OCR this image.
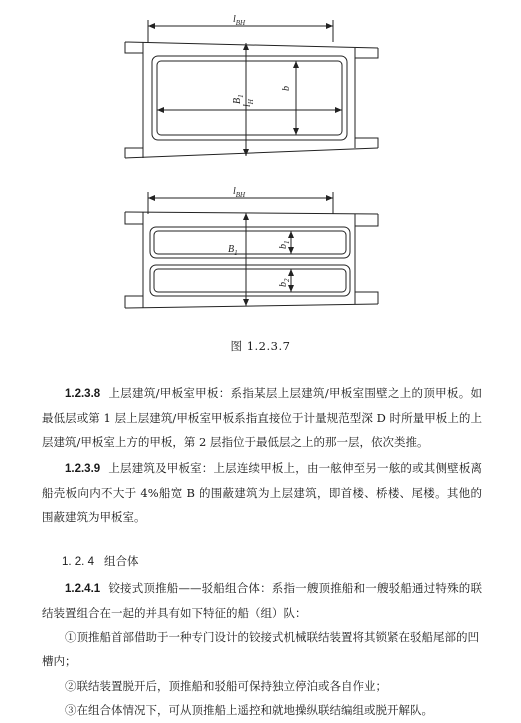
$l_{BH}$
$B_1$
$l_H$
b
$l_{BH}$
$B_1$
$b_1$
$b_2$
图 1.2.3.7

1.2.3.8 上层建筑/甲板室甲板：系指某层上层建筑/甲板室围壁之上的顶甲板。如最低层或第 1 层上层建筑/甲板室甲板系指直接位于计量规范型深 D 时所量甲板上的上层建筑/甲板室上方的甲板，第 2 层指位于最低层之上的那一层，依次类推。

1.2.3.9 上层建筑及甲板室：上层连续甲板上，由一舷伸至另一舷的或其侧壁板离船壳板向内不大于 4%船宽 B 的围蔽建筑为上层建筑，即首楼、桥楼、尾楼。其他的围蔽建筑为甲板室。

1. 2. 4 组合体

1.2.4.1 铰接式顶推船——驳船组合体：系指一艘顶推船和一艘驳船通过特殊的联结装置组合在一起的并具有如下特征的船（组）队：

①顶推船首部借助于一种专门设计的铰接式机械联结装置将其锁紧在驳船尾部的凹槽内；

②联结装置脱开后，顶推船和驳船可保持独立停泊或各自作业；

③在组合体情况下，可从顶推船上遥控和就地操纵联结编组或脱开解队。
